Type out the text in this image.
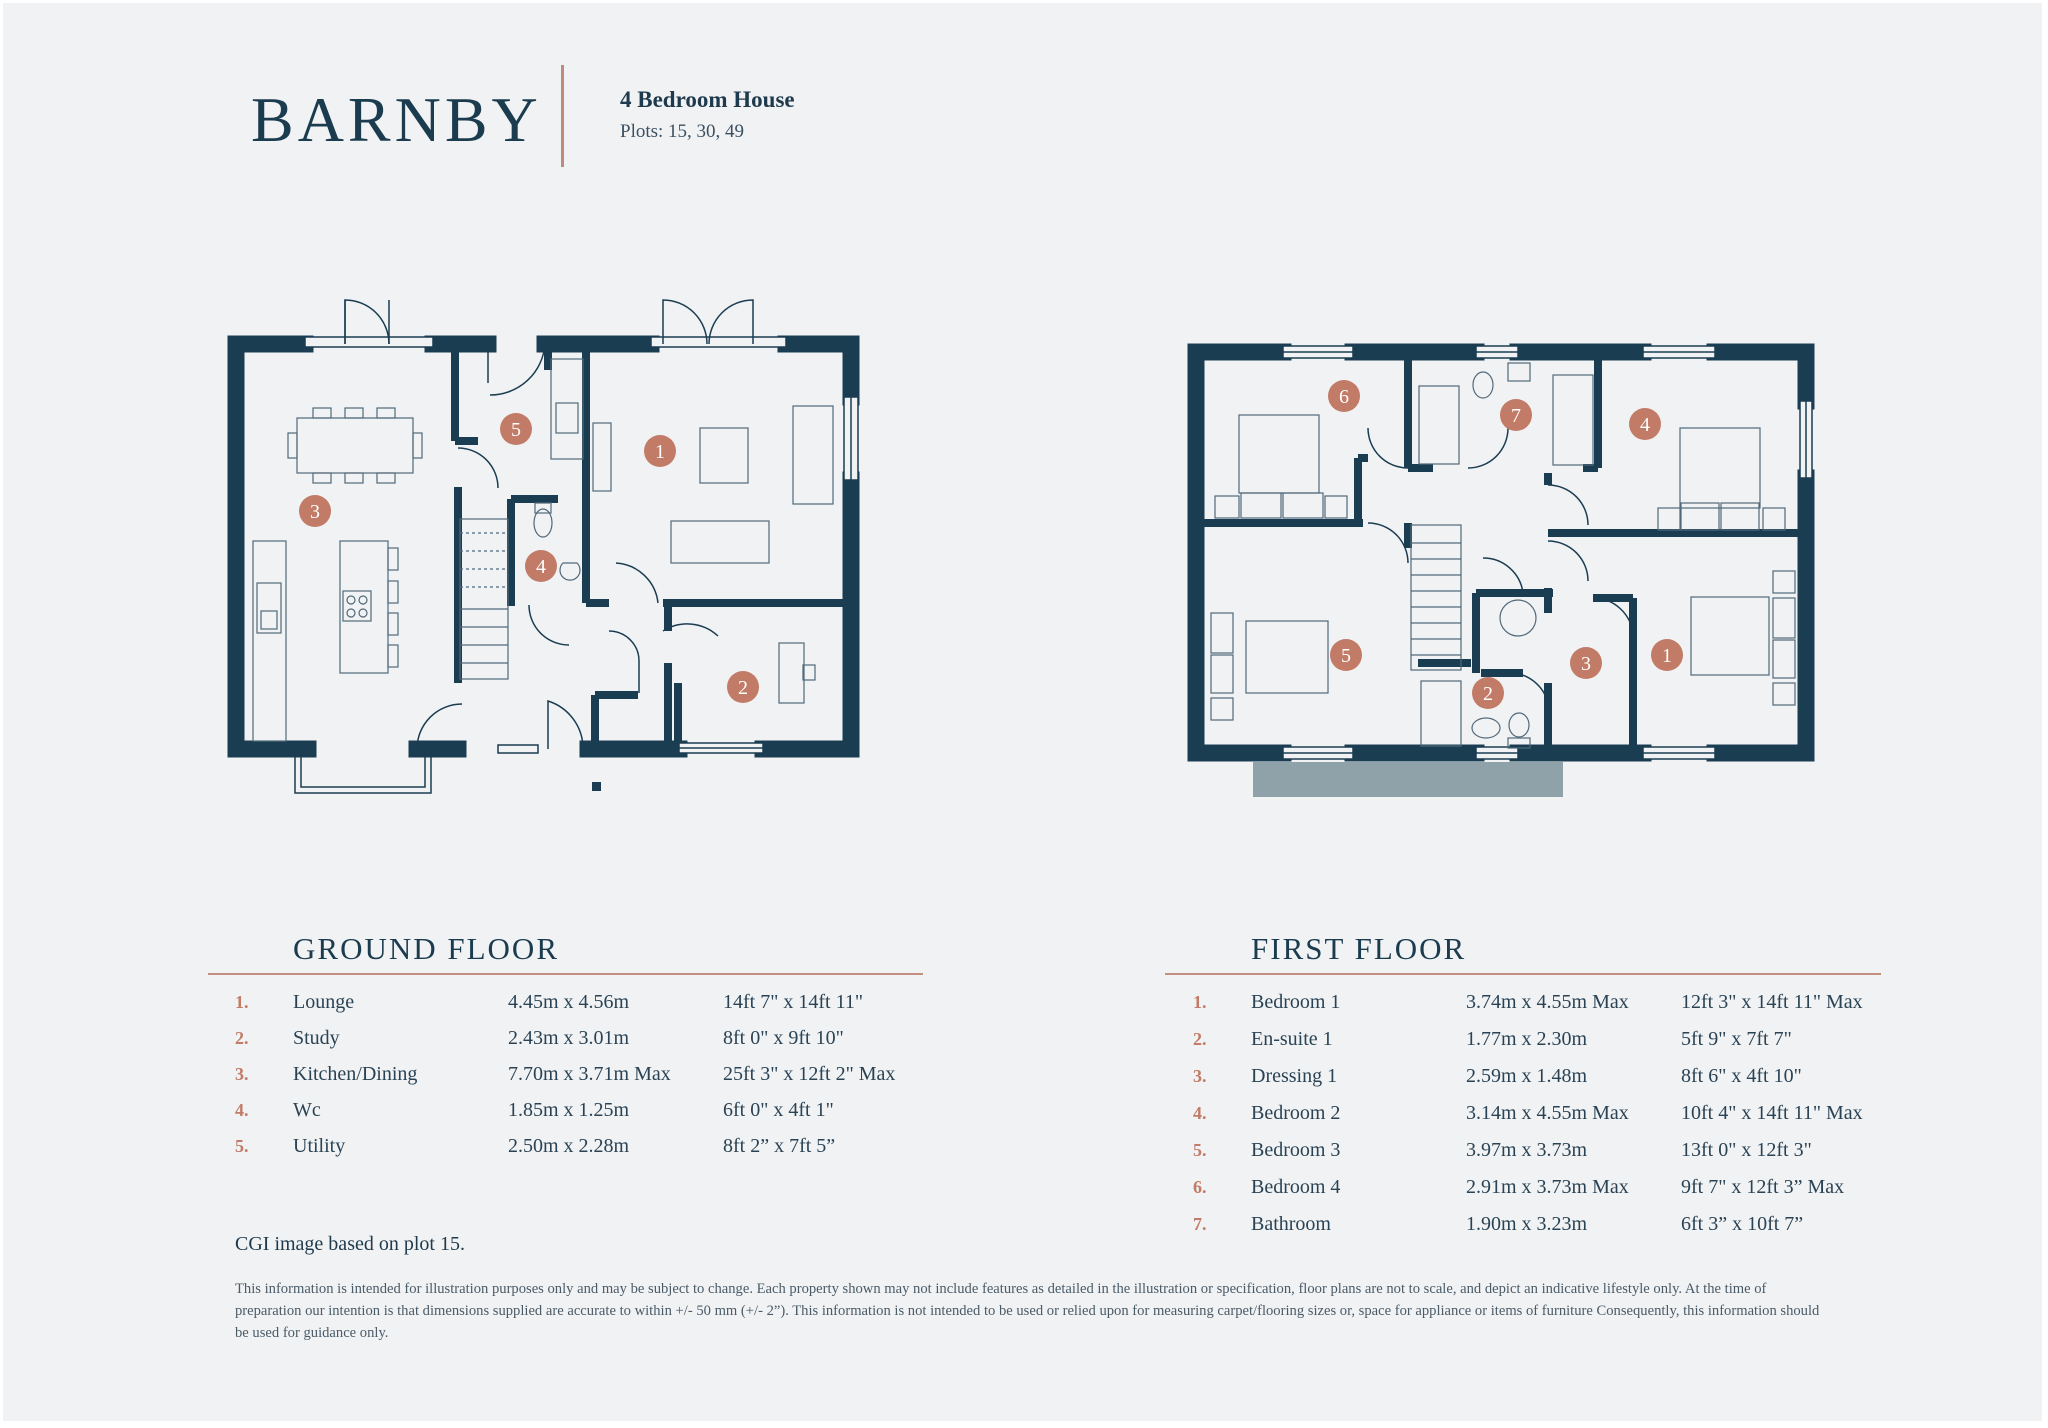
BARNBY	4 Bedroom House
Plots: 15, 30, 49
1
2
3
4
5
1
2
3
4
5
6
7
GROUND FLOOR
1. Lounge	4.45m x 4.56m	14ft 7" x 14ft 11"
2. Study	2.43m x 3.01m	8ft 0" x 9ft 10"
3. Kitchen/Dining	7.70m x 3.71m Max	25ft 3" x 12ft 2" Max
4. Wc	1.85m x 1.25m	6ft 0" x 4ft 1"
5. Utility	2.50m x 2.28m	8ft 2” x 7ft 5”
FIRST FLOOR
1. Bedroom 1	3.74m x 4.55m Max	12ft 3" x 14ft 11" Max
2. En-suite 1	1.77m x 2.30m	5ft 9" x 7ft 7"
3. Dressing 1	2.59m x 1.48m	8ft 6" x 4ft 10"
4. Bedroom 2	3.14m x 4.55m Max	10ft 4" x 14ft 11" Max
5. Bedroom 3	3.97m x 3.73m	13ft 0" x 12ft 3"
6. Bedroom 4	2.91m x 3.73m Max	9ft 7" x 12ft 3” Max
7. Bathroom	1.90m x 3.23m	6ft 3” x 10ft 7”
CGI image based on plot 15.
This information is intended for illustration purposes only and may be subject to change. Each property shown may not include features as detailed in the illustration or specification, floor plans are not to scale, and depict an indicative lifestyle only. At the time of preparation our intention is that dimensions supplied are accurate to within +/- 50 mm (+/- 2”). This information is not intended to be used or relied upon for measuring carpet/flooring sizes or, space for appliance or items of furniture Consequently, this information should be used for guidance only.
